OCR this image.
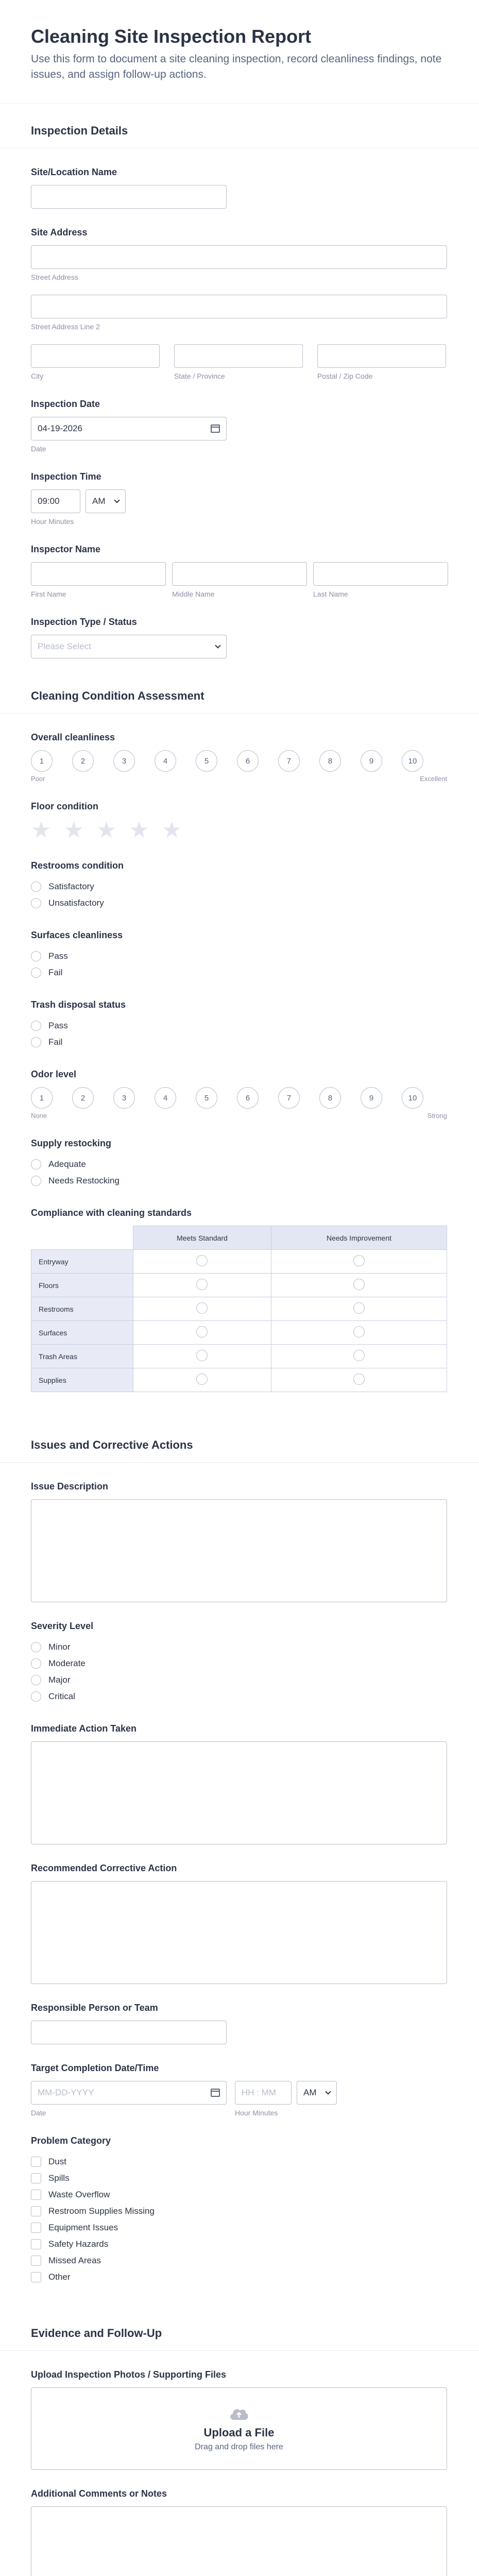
Cleaning Site Inspection Report

Use this form to document a site cleaning inspection, record cleanliness findings, note issues, and assign follow-up actions.

Inspection Details
Site/Location Name
Site Address
Street Address
Street Address Line 2
City	State / Province	Postal / Zip Code
Inspection Date
04-19-2026
Date
Inspection Time
09:00	AM
Hour Minutes
Inspector Name
First Name	Middle Name	Last Name
Inspection Type / Status
Please Select
Cleaning Condition Assessment
Overall cleanliness
1	2	3	4	5	6	7	8	9	10
Poor	Excellent
Floor condition
★ ★ ★ ★ ★
Restrooms condition
Satisfactory
Unsatisfactory
Surfaces cleanliness
Pass
Fail
Trash disposal status
Pass
Fail
Odor level
1	2	3	4	5	6	7	8	9	10
None	Strong
Supply restocking
Adequate
Needs Restocking
Compliance with cleaning standards
	Meets Standard	Needs Improvement
Entryway		
Floors		
Restrooms		
Surfaces		
Trash Areas		
Supplies		
Issues and Corrective Actions
Issue Description
Severity Level
Minor
Moderate
Major
Critical
Immediate Action Taken
Recommended Corrective Action
Responsible Person or Team
Target Completion Date/Time
MM-DD-YYYY
Date
HH : MM	AM
Hour Minutes
Problem Category
Dust
Spills
Waste Overflow
Restroom Supplies Missing
Equipment Issues
Safety Hazards
Missed Areas
Other
Evidence and Follow-Up
Upload Inspection Photos / Supporting Files
Upload a File
Drag and drop files here
Additional Comments or Notes
